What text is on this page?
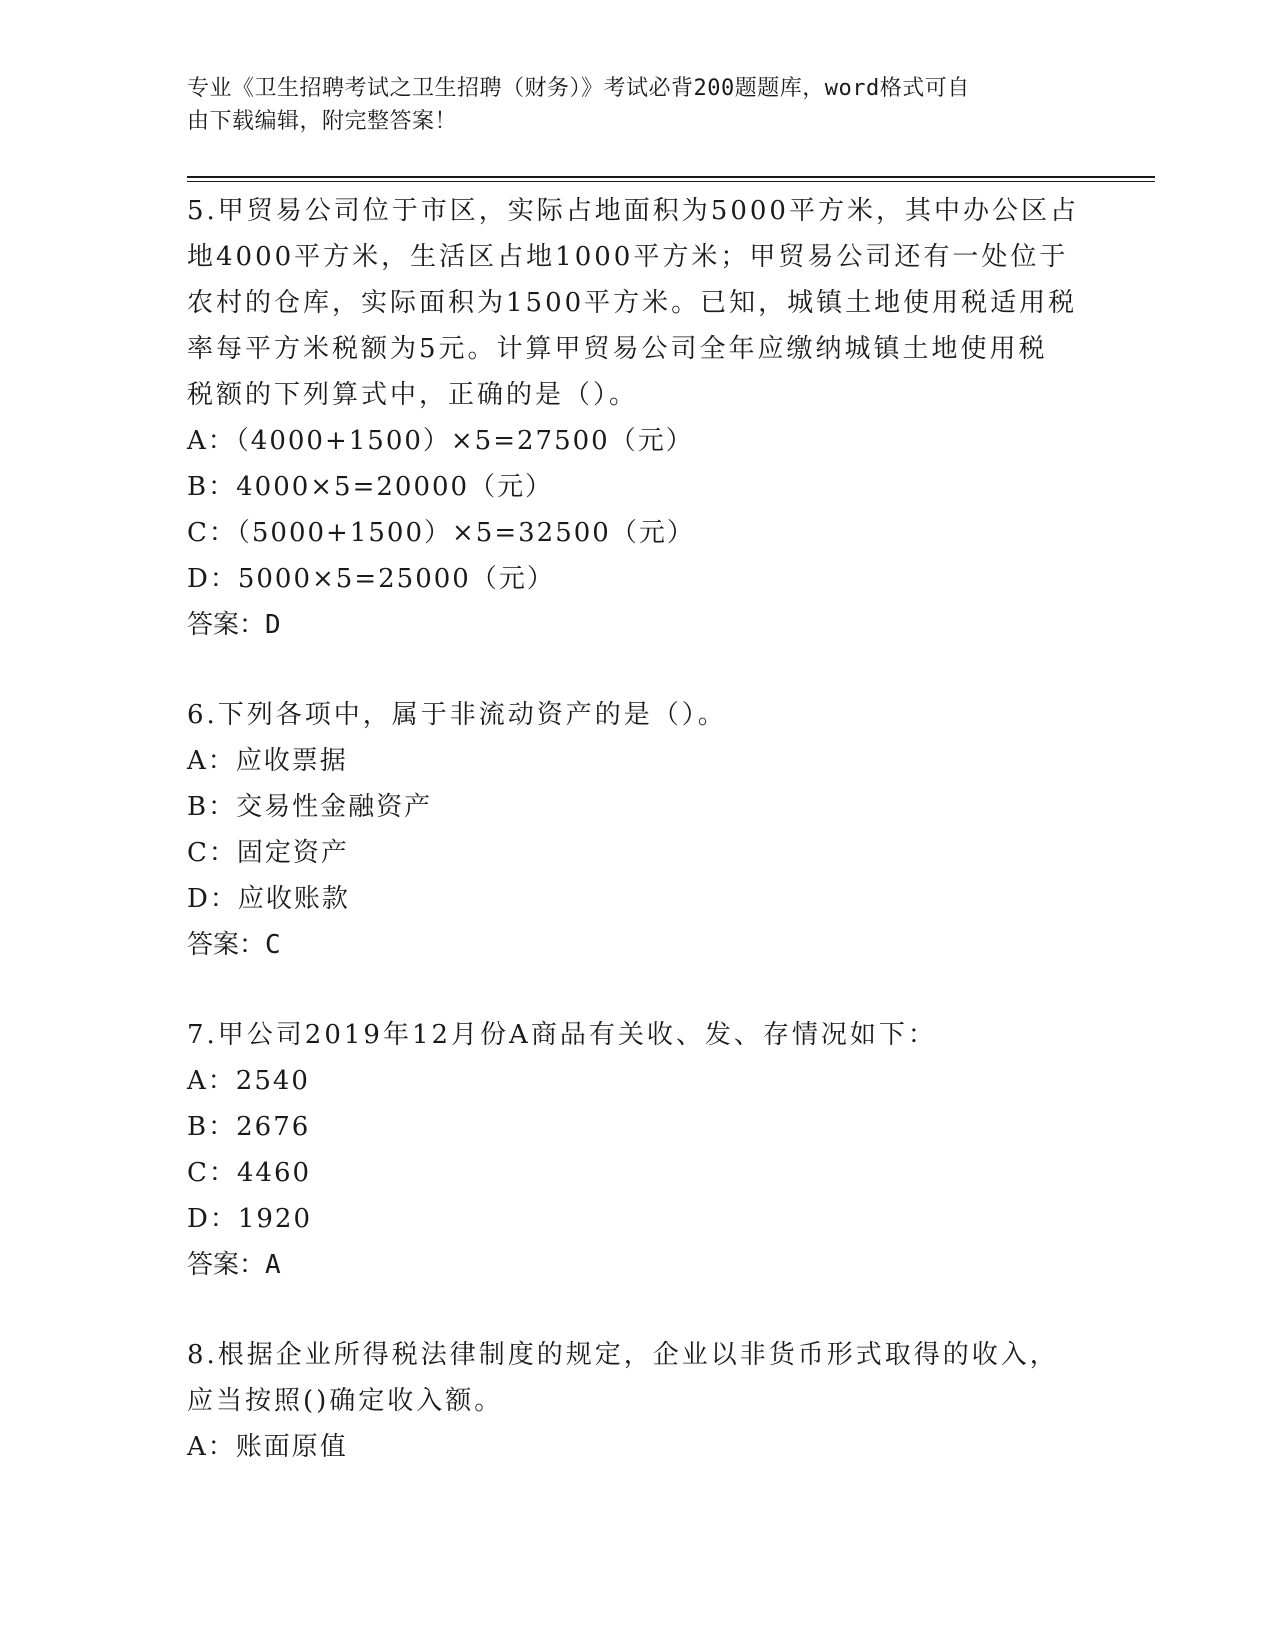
专业《卫生招聘考试之卫生招聘（财务）》考试必背200题题库，word格式可自
由下载编辑，附完整答案！
5.甲贸易公司位于市区，实际占地面积为5000平方米，其中办公区占
地4000平方米，生活区占地1000平方米；甲贸易公司还有一处位于
农村的仓库，实际面积为1500平方米。已知，城镇土地使用税适用税
率每平方米税额为5元。计算甲贸易公司全年应缴纳城镇土地使用税
税额的下列算式中，正确的是（）。
A：（4000+1500）×5=27500（元）
B：4000×5=20000（元）
C：（5000+1500）×5=32500（元）
D：5000×5=25000（元）
答案：D
6.下列各项中，属于非流动资产的是（）。
A：应收票据
B：交易性金融资产
C：固定资产
D：应收账款
答案：C
7.甲公司2019年12月份A商品有关收、发、存情况如下：
A：2540
B：2676
C：4460
D：1920
答案：A
8.根据企业所得税法律制度的规定，企业以非货币形式取得的收入，
应当按照()确定收入额。
A：账面原值
